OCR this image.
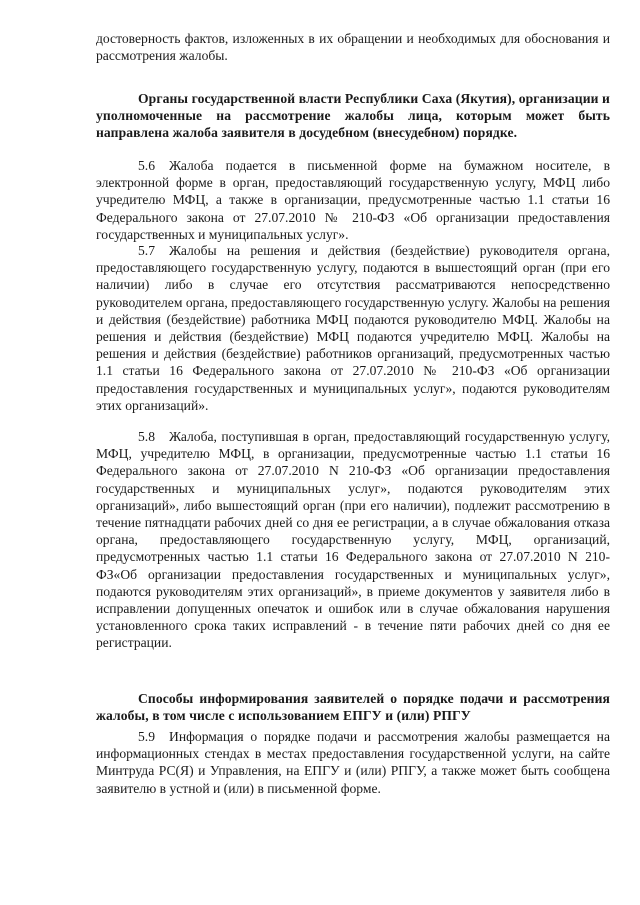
достоверность фактов, изложенных в их обращении и необходимых для обоснования и рассмотрения жалобы.

Органы государственной власти Республики Саха (Якутия), организации и уполномоченные на рассмотрение жалобы лица, которым может быть направлена жалоба заявителя в досудебном (внесудебном) порядке.

5.6 Жалоба подается в письменной форме на бумажном носителе, в электронной форме в орган, предоставляющий государственную услугу, МФЦ либо учредителю МФЦ, а также в организации, предусмотренные частью 1.1 статьи 16 Федерального закона от 27.07.2010 № 210-ФЗ «Об организации предоставления государственных и муниципальных услуг».

5.7 Жалобы на решения и действия (бездействие) руководителя органа, предоставляющего государственную услугу, подаются в вышестоящий орган (при его наличии) либо в случае его отсутствия рассматриваются непосредственно руководителем органа, предоставляющего государственную услугу. Жалобы на решения и действия (бездействие) работника МФЦ подаются руководителю МФЦ. Жалобы на решения и действия (бездействие) МФЦ подаются учредителю МФЦ. Жалобы на решения и действия (бездействие) работников организаций, предусмотренных частью 1.1 статьи 16 Федерального закона от 27.07.2010 № 210-ФЗ «Об организации предоставления государственных и муниципальных услуг», подаются руководителям этих организаций».

5.8 Жалоба, поступившая в орган, предоставляющий государственную услугу, МФЦ, учредителю МФЦ, в организации, предусмотренные частью 1.1 статьи 16 Федерального закона от 27.07.2010 N 210-ФЗ «Об организации предоставления государственных и муниципальных услуг», подаются руководителям этих организаций», либо вышестоящий орган (при его наличии), подлежит рассмотрению в течение пятнадцати рабочих дней со дня ее регистрации, а в случае обжалования отказа органа, предоставляющего государственную услугу, МФЦ, организаций, предусмотренных частью 1.1 статьи 16 Федерального закона от 27.07.2010 N 210-ФЗ«Об организации предоставления государственных и муниципальных услуг», подаются руководителям этих организаций», в приеме документов у заявителя либо в исправлении допущенных опечаток и ошибок или в случае обжалования нарушения установленного срока таких исправлений - в течение пяти рабочих дней со дня ее регистрации.

Способы информирования заявителей о порядке подачи и рассмотрения жалобы, в том числе с использованием ЕПГУ и (или) РПГУ

5.9 Информация о порядке подачи и рассмотрения жалобы размещается на информационных стендах в местах предоставления государственной услуги, на сайте Минтруда РС(Я) и Управления, на ЕПГУ и (или) РПГУ, а также может быть сообщена заявителю в устной и (или) в письменной форме.
